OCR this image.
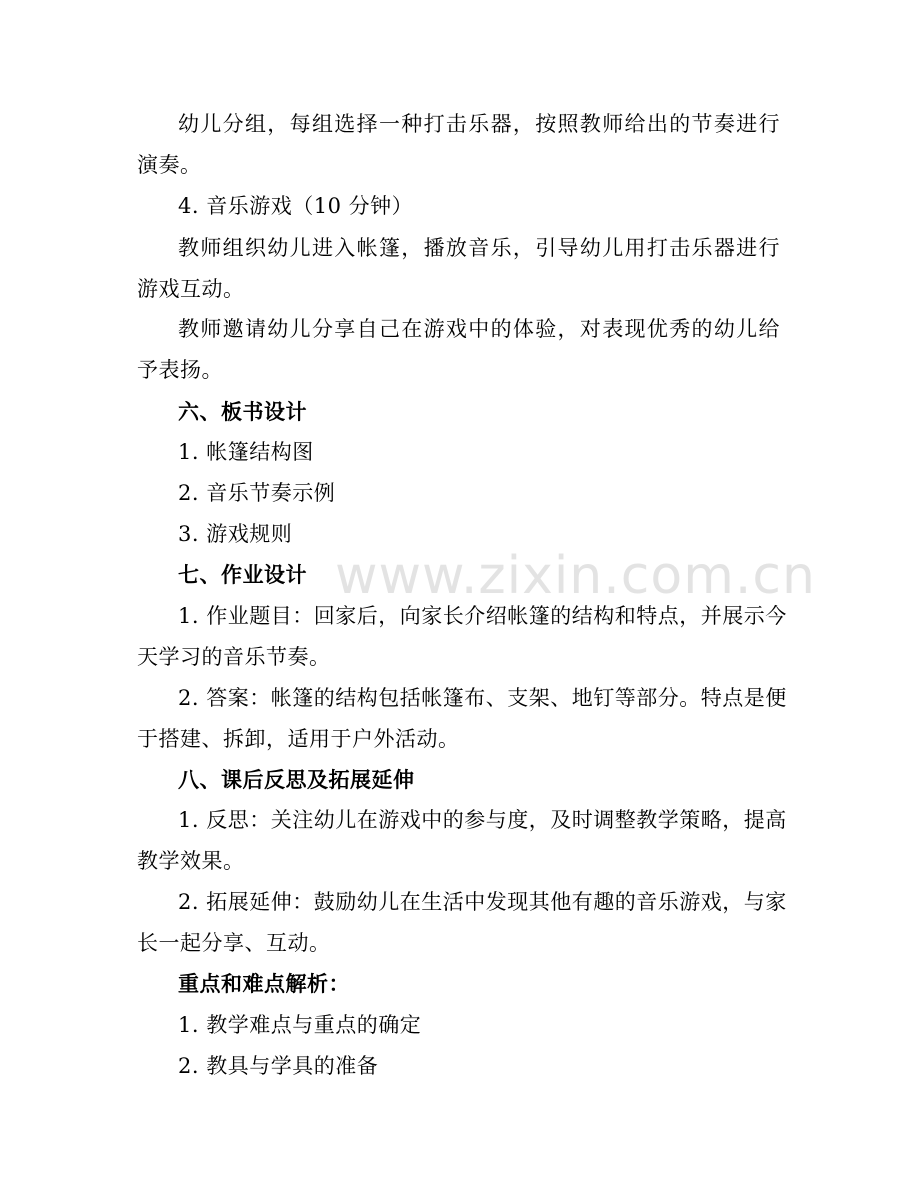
www.zixin.com.cn
幼儿分组，每组选择一种打击乐器，按照教师给出的节奏进行
演奏。
4. 音乐游戏（10 分钟）
教师组织幼儿进入帐篷，播放音乐，引导幼儿用打击乐器进行
游戏互动。
教师邀请幼儿分享自己在游戏中的体验，对表现优秀的幼儿给
予表扬。
六、板书设计
1. 帐篷结构图
2. 音乐节奏示例
3. 游戏规则
七、作业设计
1. 作业题目：回家后，向家长介绍帐篷的结构和特点，并展示今
天学习的音乐节奏。
2. 答案：帐篷的结构包括帐篷布、支架、地钉等部分。特点是便
于搭建、拆卸，适用于户外活动。
八、课后反思及拓展延伸
1. 反思：关注幼儿在游戏中的参与度，及时调整教学策略，提高
教学效果。
2. 拓展延伸：鼓励幼儿在生活中发现其他有趣的音乐游戏，与家
长一起分享、互动。
重点和难点解析：
1. 教学难点与重点的确定
2. 教具与学具的准备
